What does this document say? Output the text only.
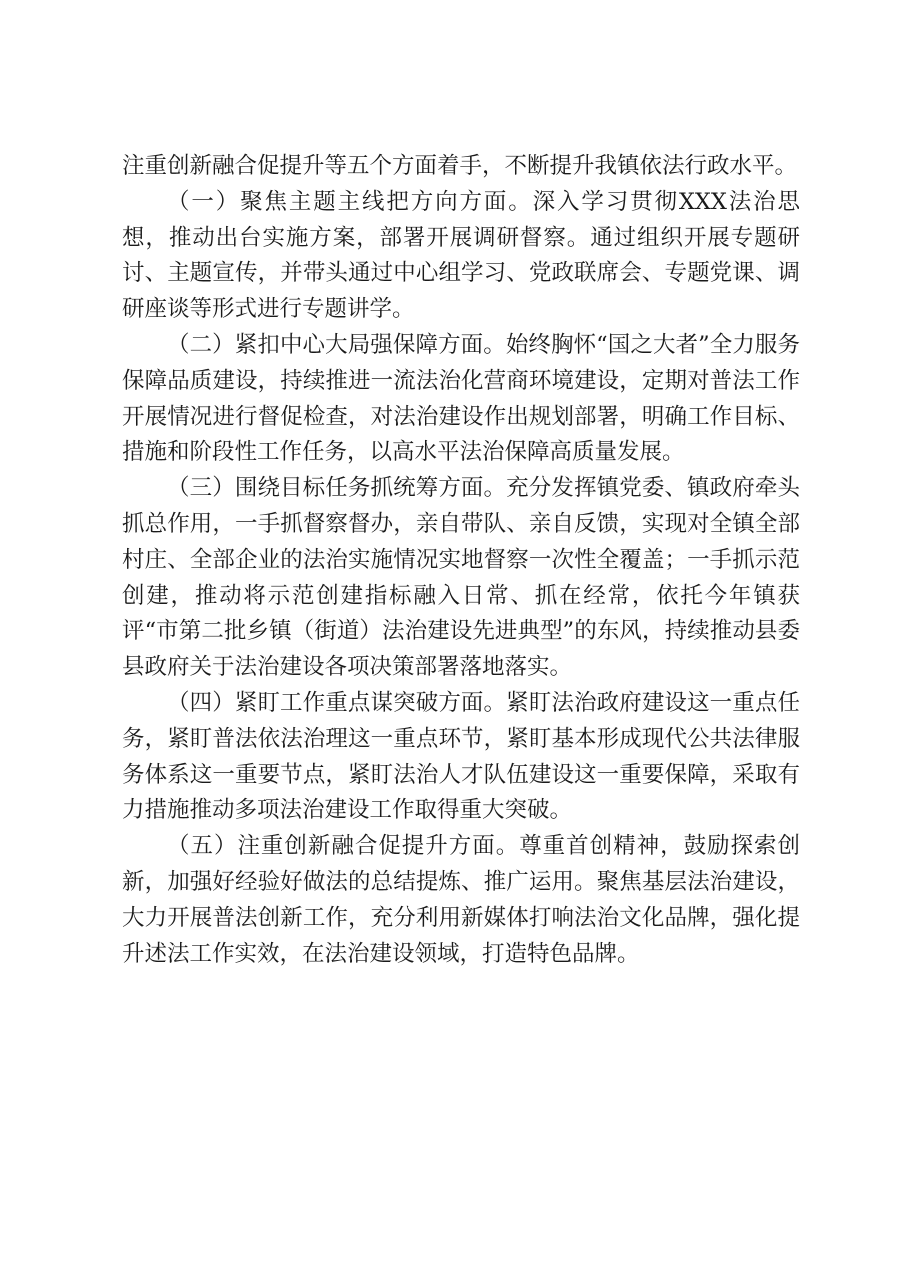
注重创新融合促提升等五个方面着手，不断提升我镇依法行政水平。

（一）聚焦主题主线把方向方面。深入学习贯彻XXX法治思想，推动出台实施方案，部署开展调研督察。通过组织开展专题研讨、主题宣传，并带头通过中心组学习、党政联席会、专题党课、调研座谈等形式进行专题讲学。

（二）紧扣中心大局强保障方面。始终胸怀“国之大者”全力服务保障品质建设，持续推进一流法治化营商环境建设，定期对普法工作开展情况进行督促检查，对法治建设作出规划部署，明确工作目标、措施和阶段性工作任务，以高水平法治保障高质量发展。

（三）围绕目标任务抓统筹方面。充分发挥镇党委、镇政府牵头抓总作用，一手抓督察督办，亲自带队、亲自反馈，实现对全镇全部村庄、全部企业的法治实施情况实地督察一次性全覆盖；一手抓示范创建，推动将示范创建指标融入日常、抓在经常，依托今年镇获评“市第二批乡镇（街道）法治建设先进典型”的东风，持续推动县委县政府关于法治建设各项决策部署落地落实。

（四）紧盯工作重点谋突破方面。紧盯法治政府建设这一重点任务，紧盯普法依法治理这一重点环节，紧盯基本形成现代公共法律服务体系这一重要节点，紧盯法治人才队伍建设这一重要保障，采取有力措施推动多项法治建设工作取得重大突破。

（五）注重创新融合促提升方面。尊重首创精神，鼓励探索创新，加强好经验好做法的总结提炼、推广运用。聚焦基层法治建设，大力开展普法创新工作，充分利用新媒体打响法治文化品牌，强化提升述法工作实效，在法治建设领域，打造特色品牌。
